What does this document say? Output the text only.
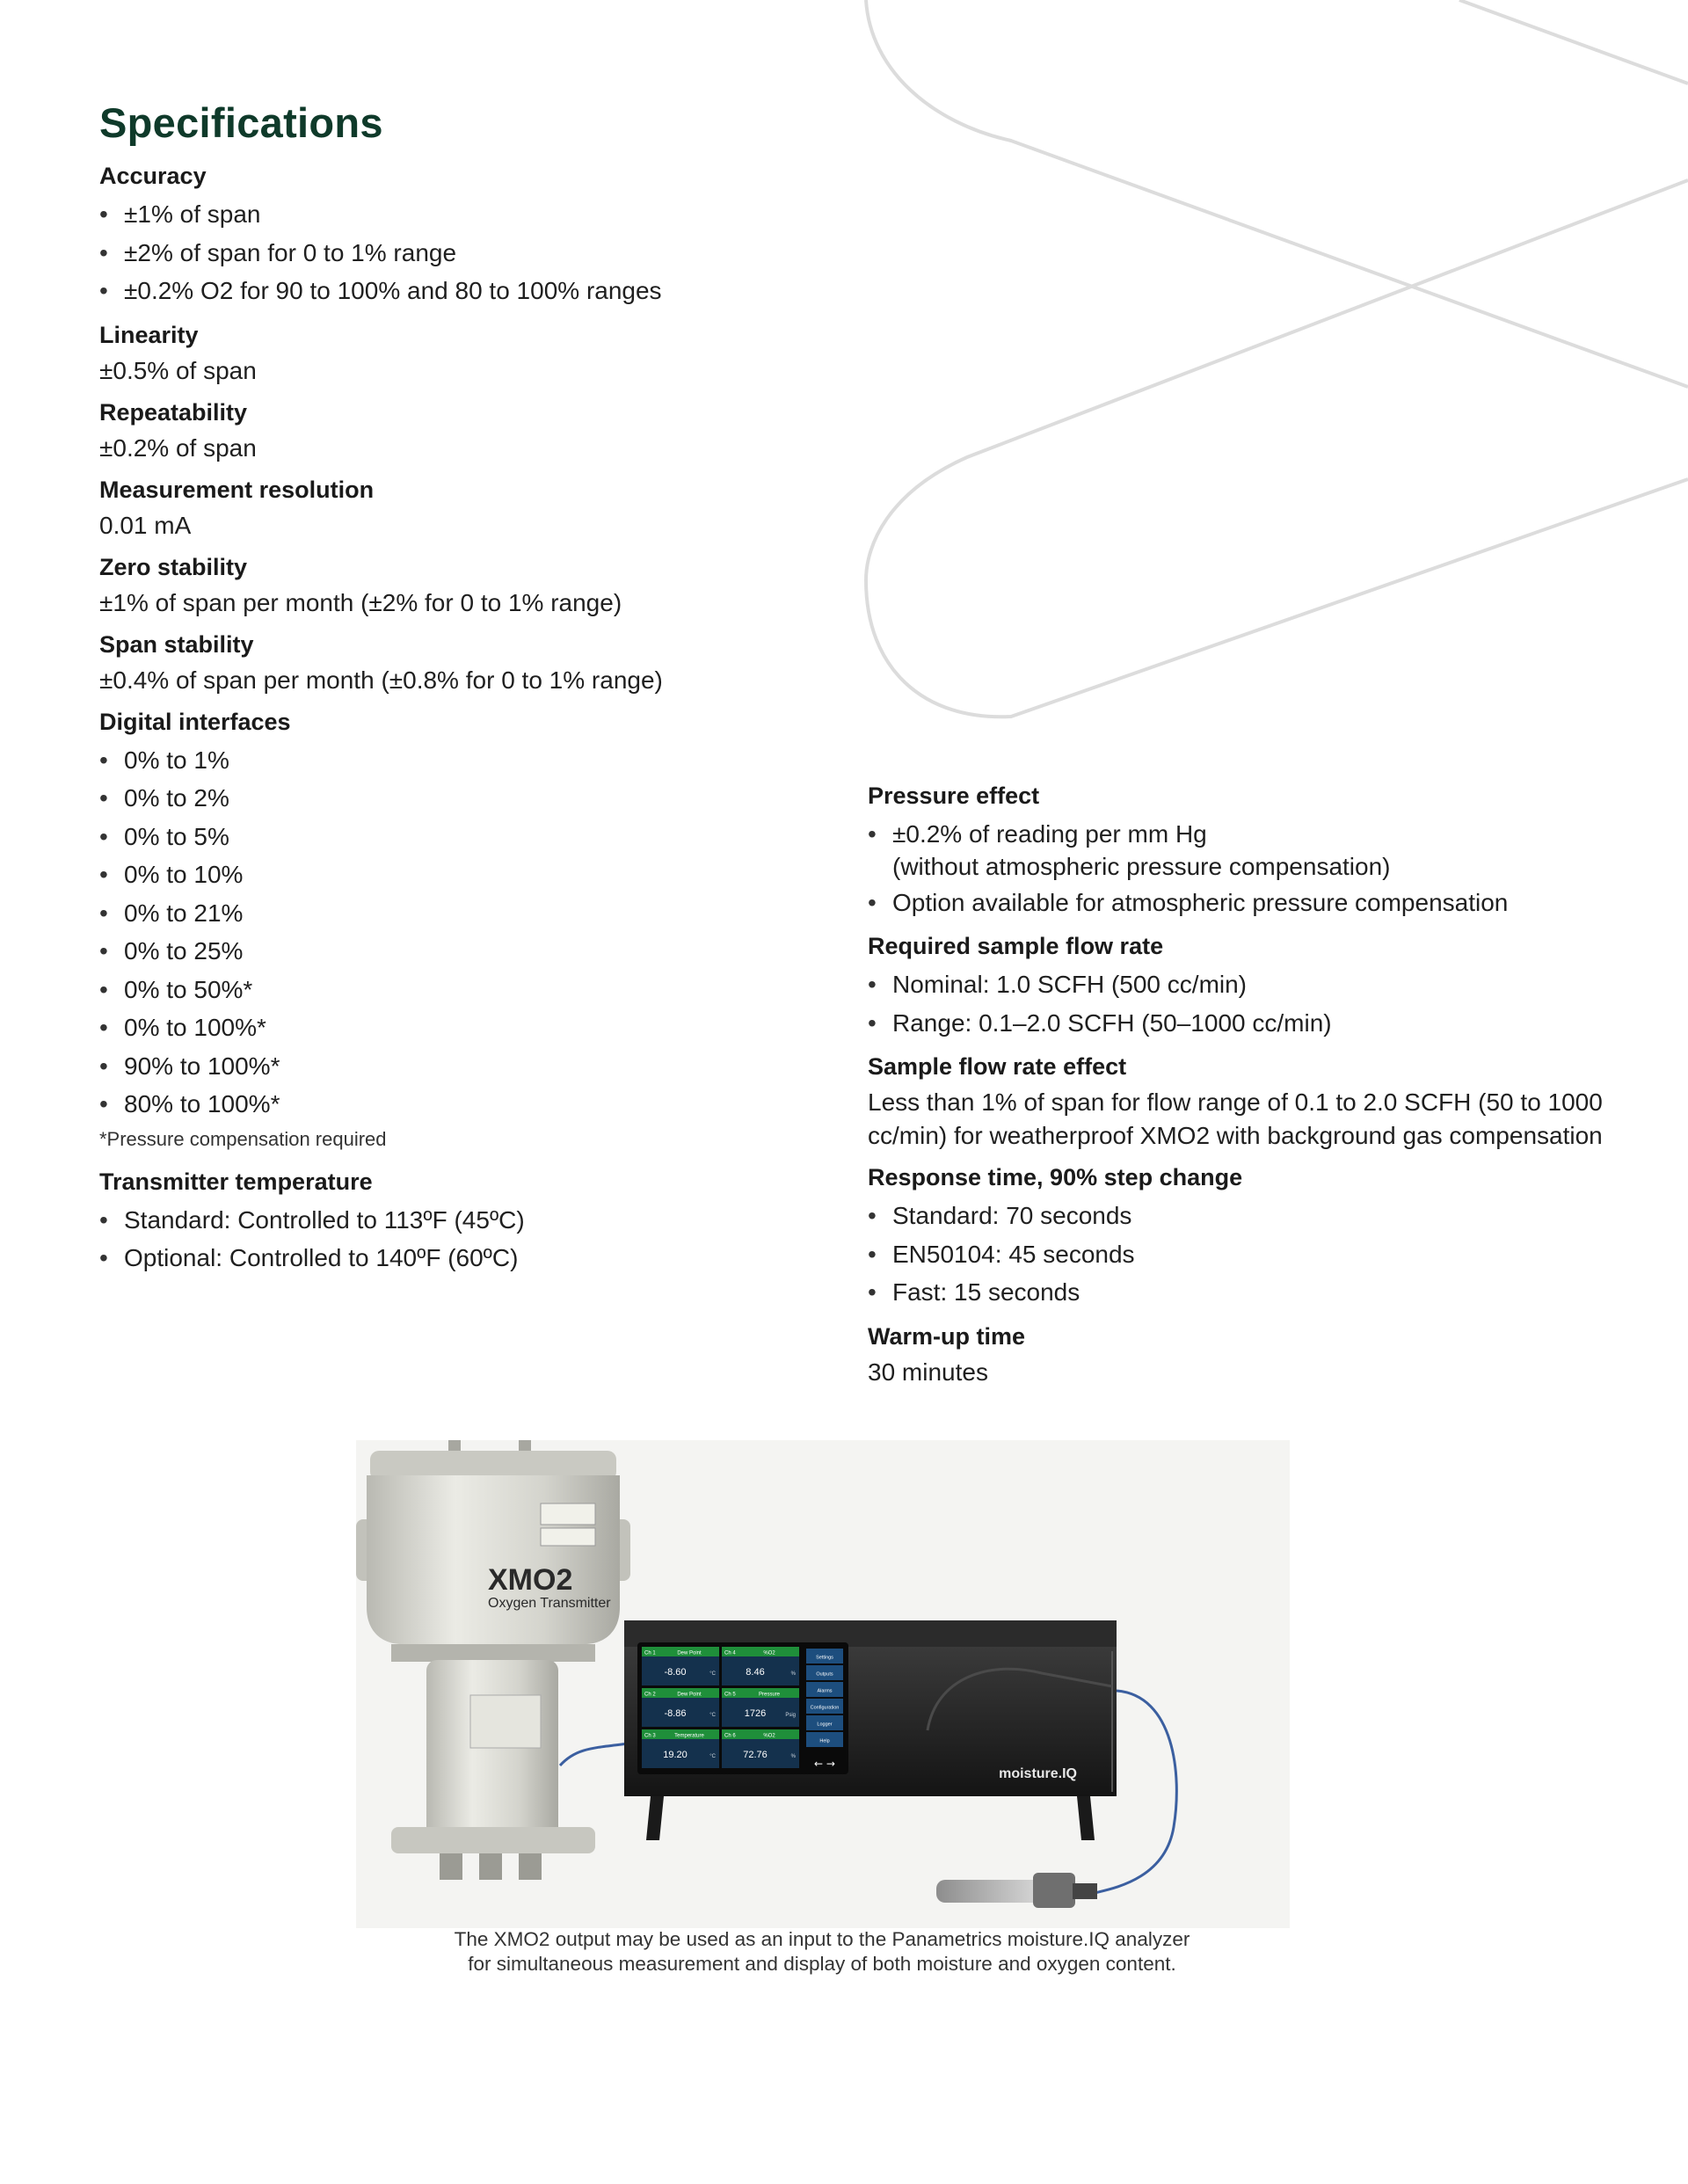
Specifications
Accuracy
• ±1% of span
• ±2% of span for 0 to 1% range
• ±0.2% O2 for 90 to 100% and 80 to 100% ranges
Linearity

±0.5% of span

Repeatability

±0.2% of span

Measurement resolution

0.01 mA

Zero stability

±1% of span per month (±2% for 0 to 1% range)

Span stability

±0.4% of span per month (±0.8% for 0 to 1% range)

Digital interfaces
• 0% to 1%
• 0% to 2%
• 0% to 5%
• 0% to 10%
• 0% to 21%
• 0% to 25%
• 0% to 50%*
• 0% to 100%*
• 90% to 100%*
• 80% to 100%*
*Pressure compensation required
Transmitter temperature
• Standard: Controlled to 113ºF (45ºC)
• Optional: Controlled to 140ºF (60ºC)
Pressure effect
• ±0.2% of reading per mm Hg
(without atmospheric pressure compensation)
• Option available for atmospheric pressure compensation
Required sample flow rate
• Nominal: 1.0 SCFH (500 cc/min)
• Range: 0.1–2.0 SCFH (50–1000 cc/min)
Sample flow rate effect

Less than 1% of span for flow range of 0.1 to 2.0 SCFH (50 to 1000 cc/min) for weatherproof XMO2 with background gas compensation

Response time, 90% step change
• Standard: 70 seconds
• EN50104: 45 seconds
• Fast: 15 seconds
Warm-up time

30 minutes

XMO2
Oxygen Transmitter
moisture.IQ
Ch 1	Dew Point
-8.60	°C
Ch 4	%O2
8.46	%
Ch 2	Dew Point
-8.86	°C
Ch 5	Pressure
1726	Psig
Ch 3	Temperature
19.20	°C
Ch 6	%O2
72.76	%
Settings
Outputs
Alarms
Configuration
Logger
Help
← →
The XMO2 output may be used as an input to the Panametrics moisture.IQ analyzer
for simultaneous measurement and display of both moisture and oxygen content.
